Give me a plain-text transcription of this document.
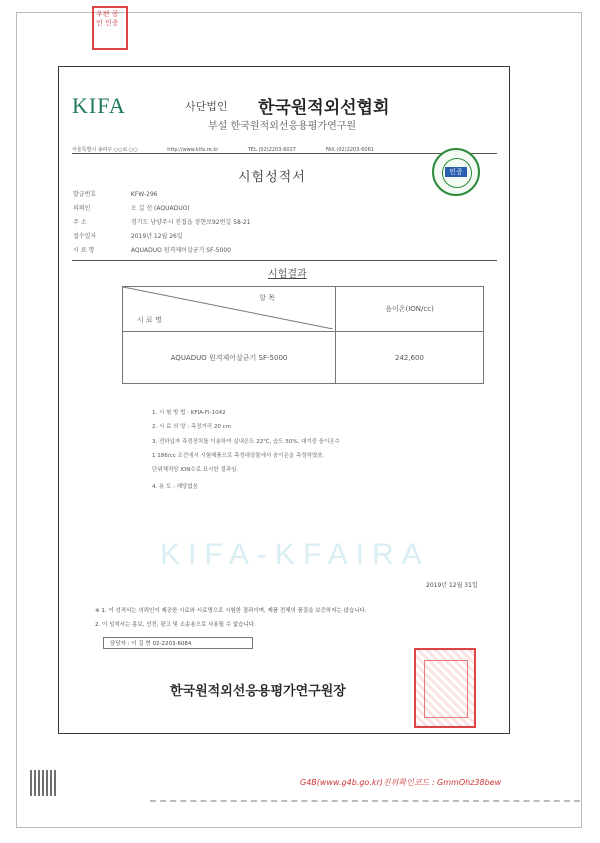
우편 공인 인증
KIFA	사단법인 한국원적외선협회
부설 한국원적외선응용평가연구원
서울특별시 송파구 ○○로 ○○	http://www.kifa.re.kr	TEL.(02)2203-6027	FAX.(02)2203-6061
시험성적서	인증
발급번호	KFW-296
의뢰인	오 길 선 (AQUADUO)
주 소	경기도 남양주시 진접읍 장현로92번길 58-21
접수일자	2019년 12월 26일
시 료 명	AQUADUO 원격제어살균기 SF-5000
시험결과
항 목
시 료 명	음이온(ION/cc)
AQUADUO 원격제어살균기 SF-5000	242,600
1. 시 험 방 법 : KFIA-FI-1042
2. 시 료 의 양 : 측정거리 20 cm
3. 전하입자 측정장치를 이용하여 실내온도 22℃, 습도 50%, 대기중 음이온수
1 186/cc 조건에서 시험제품으로 측정대상물에서 음이온을 측정하였음.
단위체적당 ION수로 표시한 결과임.
4. 용 도 : 해당없음
KIFA-KFAIRA
2019년 12월 31일
※ 1. 이 성적서는 의뢰인이 제공한 시료와 시료명으로 시험한 결과이며, 제품 전체의 품질을 보증하지는 않습니다.
2. 이 성적서는 홍보, 선전, 광고 및 소송용으로 사용될 수 없습니다.
담당자 : 이 길 현 02-2203-6084
한국원적외선응용평가연구원장
G4B(www.g4b.go.kr)진위확인코드 : GmmOhz38bew
